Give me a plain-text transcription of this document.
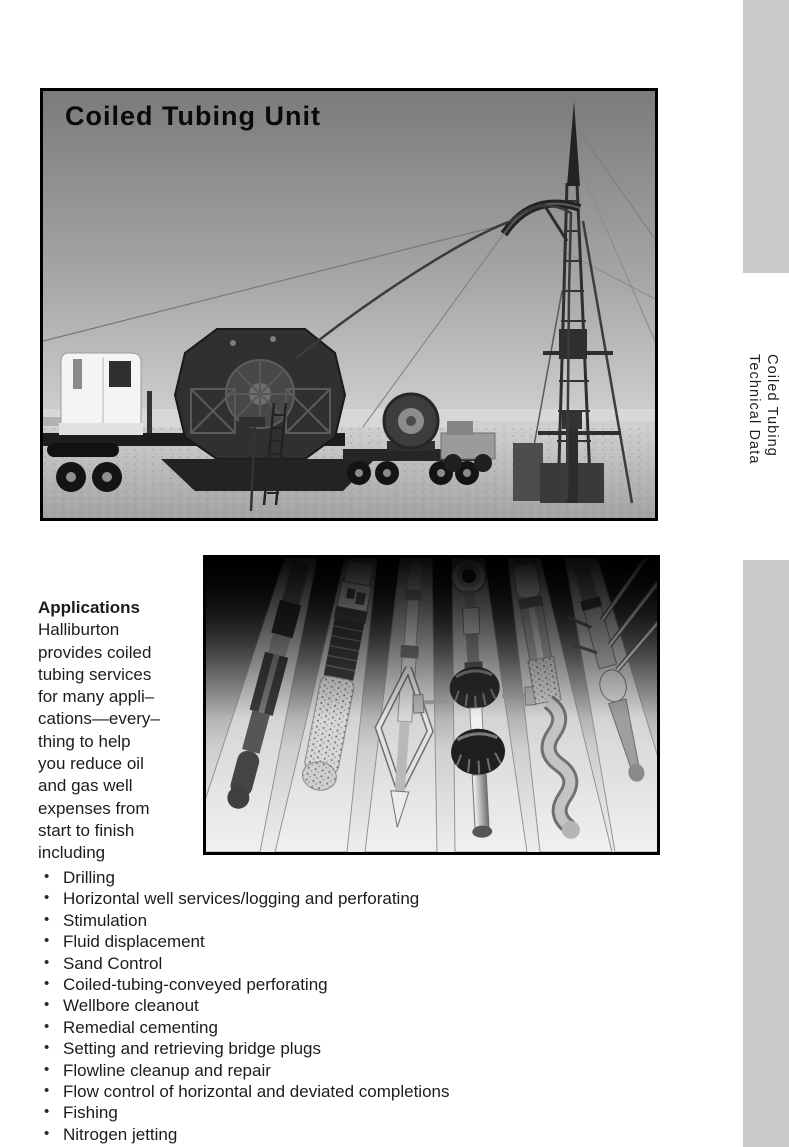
Coiled Tubing
Technical Data
Coiled Tubing Unit
Applications
Halliburton
provides coiled
tubing services
for many appli–
cations—every–
thing to help
you reduce oil
and gas well
expenses from
start to finish
including
• Drilling
• Horizontal well services/logging and perforating
• Stimulation
• Fluid displacement
• Sand Control
• Coiled-tubing-conveyed perforating
• Wellbore cleanout
• Remedial cementing
• Setting and retrieving bridge plugs
• Flowline cleanup and repair
• Flow control of horizontal and deviated completions
• Fishing
• Nitrogen jetting
